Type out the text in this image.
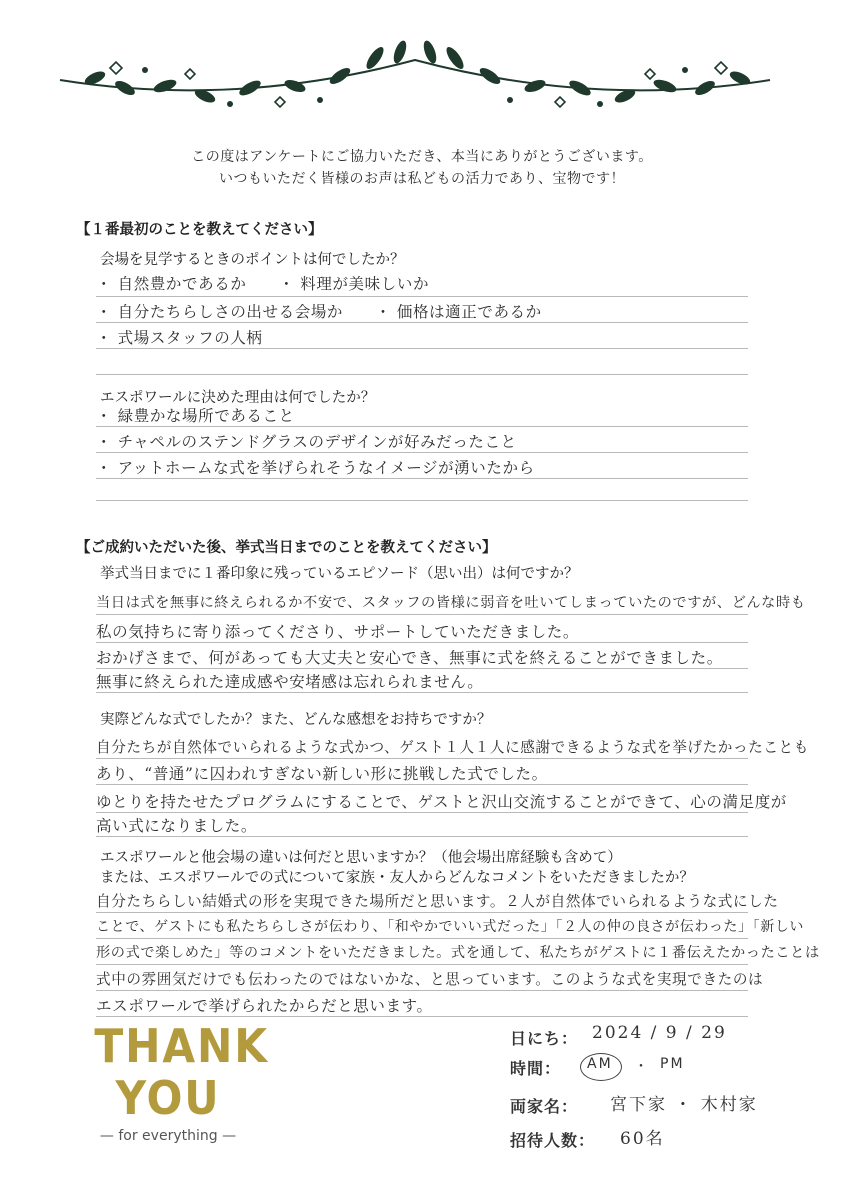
この度はアンケートにご協力いただき、本当にありがとうございます。
いつもいただく皆様のお声は私どもの活力であり、宝物です！
【１番最初のことを教えてください】
会場を見学するときのポイントは何でしたか？
・ 自然豊かであるか　　・ 料理が美味しいか
・ 自分たちらしさの出せる会場か　　・ 価格は適正であるか
・ 式場スタッフの人柄
エスポワールに決めた理由は何でしたか？
・ 緑豊かな場所であること
・ チャペルのステンドグラスのデザインが好みだったこと
・ アットホームな式を挙げられそうなイメージが湧いたから
【ご成約いただいた後、挙式当日までのことを教えてください】
挙式当日までに１番印象に残っているエピソード（思い出）は何ですか？
当日は式を無事に終えられるか不安で、スタッフの皆様に弱音を吐いてしまっていたのですが、どんな時も
私の気持ちに寄り添ってくださり、サポートしていただきました。
おかげさまで、何があっても大丈夫と安心でき、無事に式を終えることができました。
無事に終えられた達成感や安堵感は忘れられません。
実際どんな式でしたか？また、どんな感想をお持ちですか？
自分たちが自然体でいられるような式かつ、ゲスト１人１人に感謝できるような式を挙げたかったことも
あり、“普通”に囚われすぎない新しい形に挑戦した式でした。
ゆとりを持たせたプログラムにすることで、ゲストと沢山交流することができて、心の満足度が
高い式になりました。
エスポワールと他会場の違いは何だと思いますか？（他会場出席経験も含めて）
または、エスポワールでの式について家族・友人からどんなコメントをいただきましたか？
自分たちらしい結婚式の形を実現できた場所だと思います。２人が自然体でいられるような式にした
ことで、ゲストにも私たちらしさが伝わり、「和やかでいい式だった」「２人の仲の良さが伝わった」「新しい
形の式で楽しめた」等のコメントをいただきました。式を通して、私たちがゲストに１番伝えたかったことは
式中の雰囲気だけでも伝わったのではないかな、と思っています。このような式を実現できたのは
エスポワールで挙げられたからだと思います。
THANK
YOU
— for everything —
日にち： 2024 / 9 / 29
時間： AM ・ PM
両家名： 宮下家 ・ 木村家
招待人数： 60名
